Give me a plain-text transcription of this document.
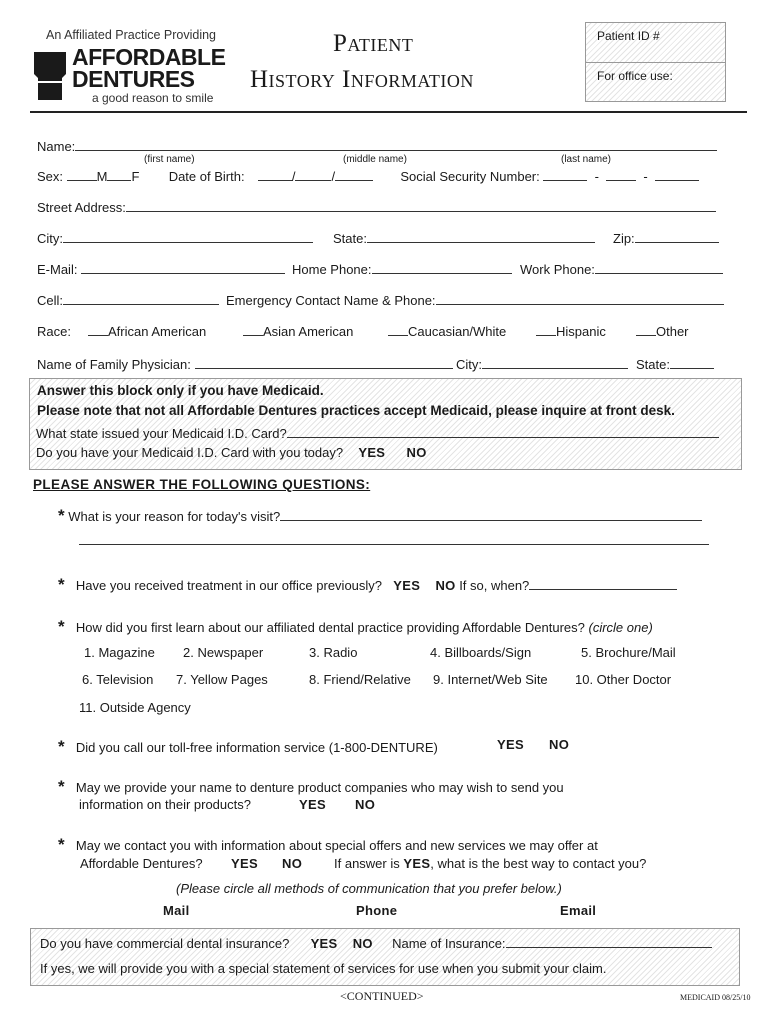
An Affiliated Practice Providing
AFFORDABLE
DENTURES
a good reason to smile
Patient
History Information
Patient ID #
For office use:
Name:
(first name)	(middle name)	(last name)
Sex:	M F Date of Birth:	/	/	Social Security Number:	-    -
Street Address:
City:	State:	Zip:
E-Mail:	Home Phone:	Work Phone:
Cell:	Emergency Contact Name & Phone:
Race:	African American	Asian American	Caucasian/White	Hispanic	Other
Name of Family Physician:	City:	State:
Answer this block only if you have Medicaid.
Please note that not all Affordable Dentures practices accept Medicaid, please inquire at front desk.
What state issued your Medicaid I.D. Card?
Do you have your Medicaid I.D. Card with you today? YES NO
PLEASE ANSWER THE FOLLOWING QUESTIONS:
* What is your reason for today's visit?
* Have you received treatment in our office previously? YES NO If so, when?
* How did you first learn about our affiliated dental practice providing Affordable Dentures? (circle one)
1. Magazine 2. Newspaper	3. Radio	4. Billboards/Sign	5. Brochure/Mail
6. Television 7. Yellow Pages	8. Friend/Relative 9. Internet/Web Site 10. Other Doctor
11. Outside Agency
* Did you call our toll-free information service (1-800-DENTURE)	YES NO
* May we provide your name to denture product companies who may wish to send you
information on their products?	YES NO
* May we contact you with information about special offers and new services we may offer at
Affordable Dentures? YES NO If answer is YES, what is the best way to contact you?
(Please circle all methods of communication that you prefer below.)
Mail	Phone	Email
Do you have commercial dental insurance? YES NO Name of Insurance:
If yes, we will provide you with a special statement of services for use when you submit your claim.
<CONTINUED>	MEDICAID 08/25/10
